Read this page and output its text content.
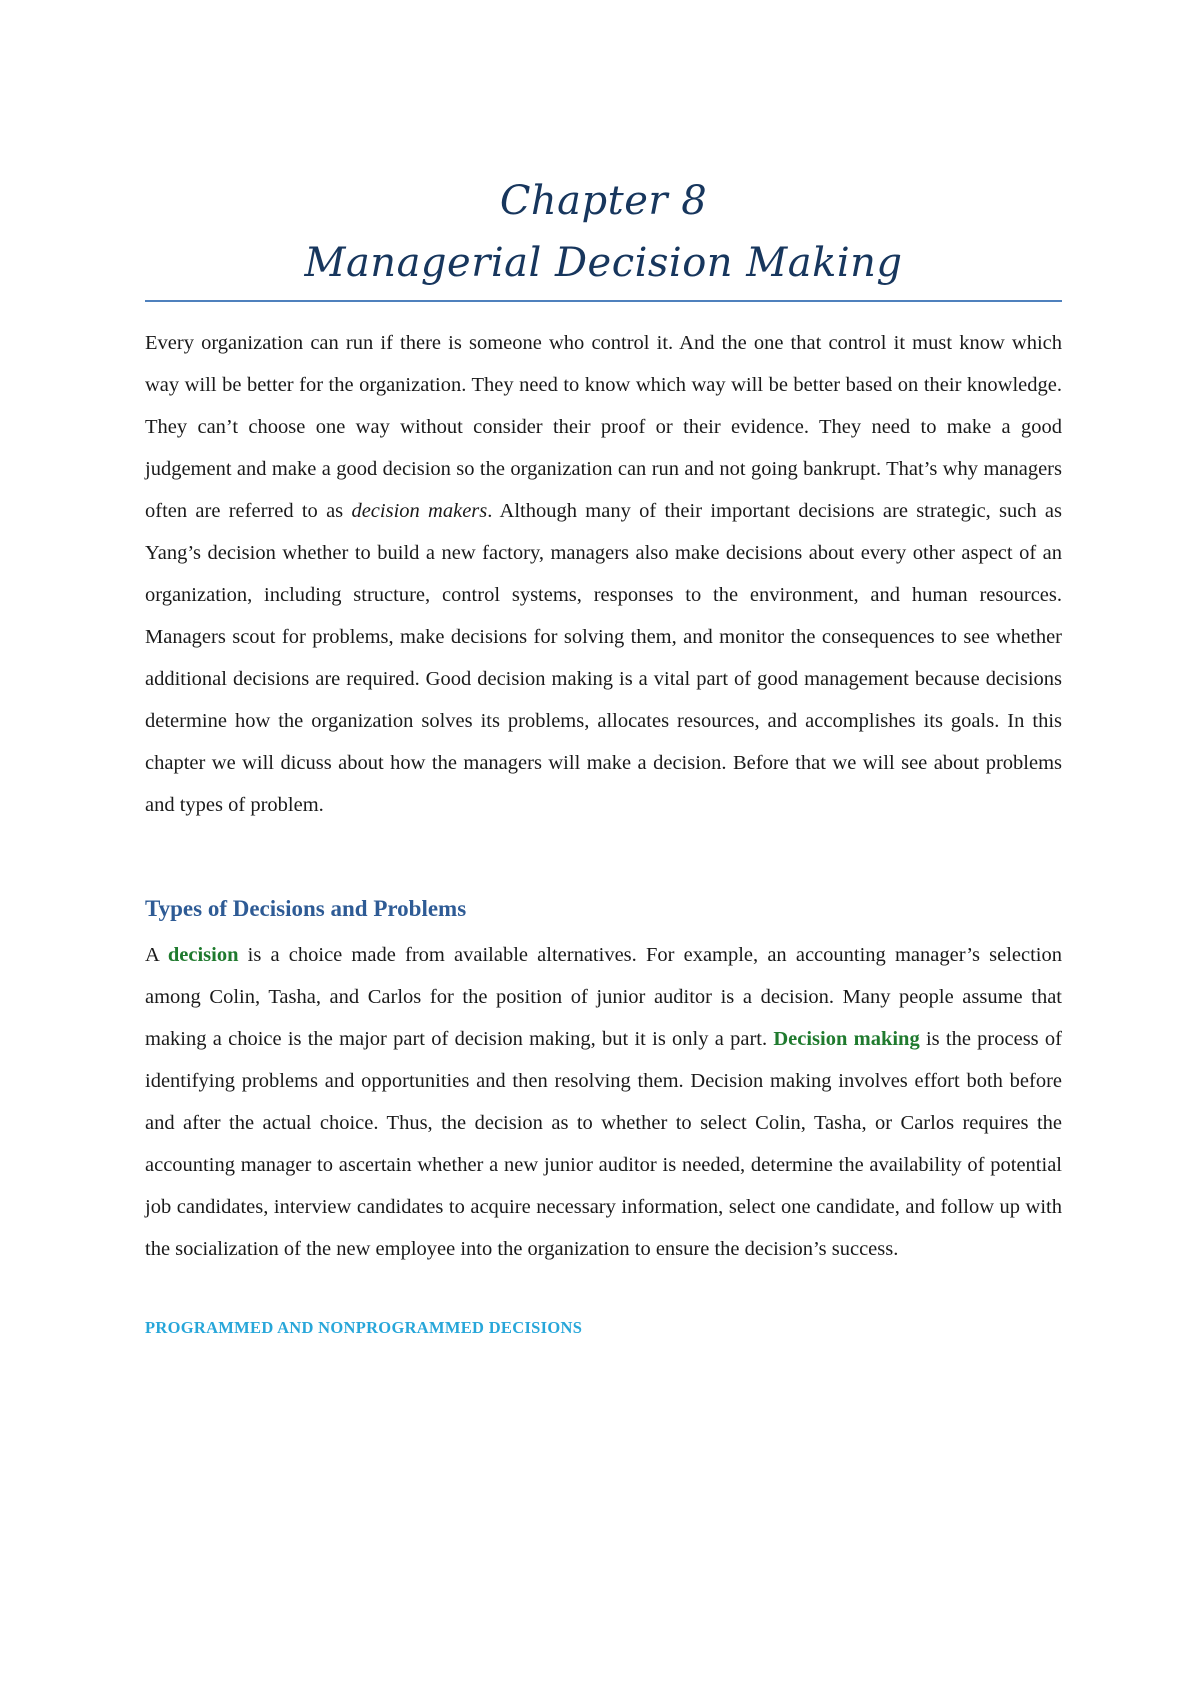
Chapter 8
Managerial Decision Making

Every organization can run if there is someone who control it. And the one that control it must know which way will be better for the organization. They need to know which way will be better based on their knowledge. They can’t choose one way without consider their proof or their evidence. They need to make a good judgement and make a good decision so the organization can run and not going bankrupt. That’s why managers often are referred to as decision makers. Although many of their important decisions are strategic, such as Yang’s decision whether to build a new factory, managers also make decisions about every other aspect of an organization, including structure, control systems, responses to the environment, and human resources. Managers scout for problems, make decisions for solving them, and monitor the consequences to see whether additional decisions are required. Good decision making is a vital part of good management because decisions determine how the organization solves its problems, allocates resources, and accomplishes its goals. In this chapter we will dicuss about how the managers will make a decision. Before that we will see about problems and types of problem.

Types of Decisions and Problems

A decision is a choice made from available alternatives. For example, an accounting manager’s selection among Colin, Tasha, and Carlos for the position of junior auditor is a decision. Many people assume that making a choice is the major part of decision making, but it is only a part. Decision making is the process of identifying problems and opportunities and then resolving them. Decision making involves effort both before and after the actual choice. Thus, the decision as to whether to select Colin, Tasha, or Carlos requires the accounting manager to ascertain whether a new junior auditor is needed, determine the availability of potential job candidates, interview candidates to acquire necessary information, select one candidate, and follow up with the socialization of the new employee into the organization to ensure the decision’s success.

PROGRAMMED AND NONPROGRAMMED DECISIONS
